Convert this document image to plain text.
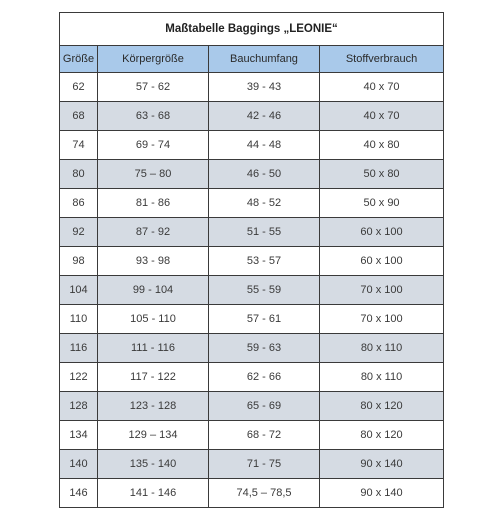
Maßtabelle Baggings „LEONIE“			
Größe	Körpergröße	Bauchumfang	Stoffverbrauch
62	57 - 62	39 - 43	40 x 70
68	63 - 68	42 - 46	40 x 70
74	69 - 74	44 - 48	40 x 80
80	75 – 80	46 - 50	50 x 80
86	81 - 86	48 - 52	50 x 90
92	87 - 92	51 - 55	60 x 100
98	93 - 98	53 - 57	60 x 100
104	99 - 104	55 - 59	70 x 100
110	105 - 110	57 - 61	70 x 100
116	111 - 116	59 - 63	80 x 110
122	117 - 122	62 - 66	80 x 110
128	123 - 128	65 - 69	80 x 120
134	129 – 134	68 - 72	80 x 120
140	135 - 140	71 - 75	90 x 140
146	141 - 146	74,5 – 78,5	90 x 140
